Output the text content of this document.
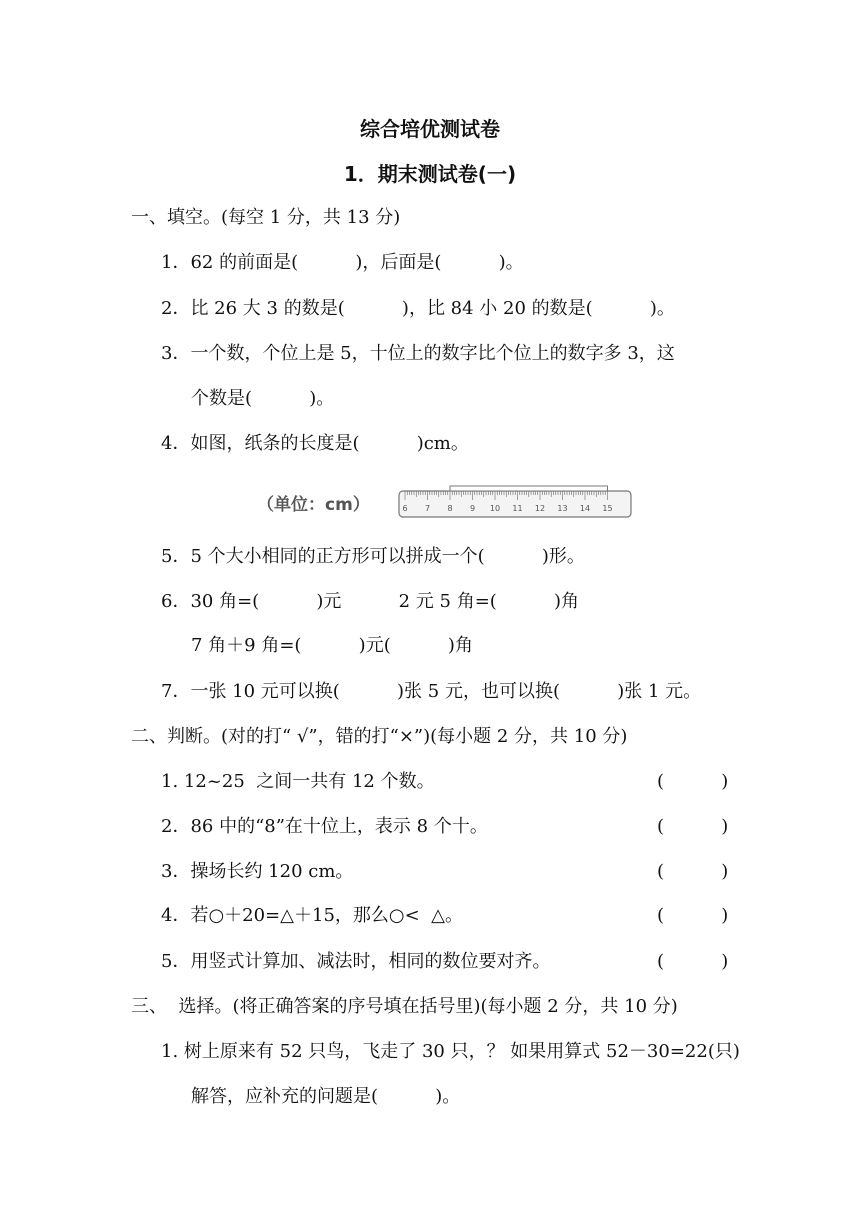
综合培优测试卷
1．期末测试卷(一)
一、填空。(每空 1 分，共 13 分)
1．62 的前面是(          )，后面是(          )。
2．比 26 大 3 的数是(          )，比 84 小 20 的数是(          )。
3．一个数，个位上是 5，十位上的数字比个位上的数字多 3，这
个数是(          )。
4．如图，纸条的长度是(          )cm。
（单位：cm）	6 7 8 9 10 11 12 13 14 15
5．5 个大小相同的正方形可以拼成一个(          )形。
6．30 角=(          )元          2 元 5 角=(          )角
7 角＋9 角=(          )元(          )角
7．一张 10 元可以换(          )张 5 元，也可以换(          )张 1 元。
二、判断。(对的打“ √”，错的打“×”)(每小题 2 分，共 10 分)
1. 12~25  之间一共有 12 个数。	(          )
2．86 中的“8”在十位上，表示 8 个十。	(          )
3．操场长约 120 cm。	(          )
4．若○＋20=△＋15，那么○<  △。	(          )
5．用竖式计算加、减法时，相同的数位要对齐。	(          )
三、  选择。(将正确答案的序号填在括号里)(每小题 2 分，共 10 分)
1. 树上原来有 52 只鸟，飞走了 30 只，？ 如果用算式 52－30=22(只)
解答，应补充的问题是(          )。
